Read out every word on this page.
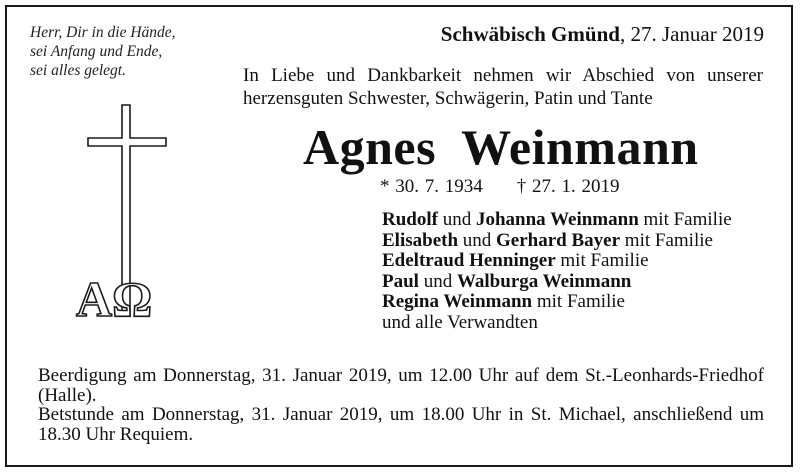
Herr, Dir in die Hände,
sei Anfang und Ende,
sei alles gelegt.
Schwäbisch Gmünd, 27. Januar 2019
In Liebe und Dankbarkeit nehmen wir Abschied von unserer herzensguten Schwester, Schwägerin, Patin und Tante
Agnes  Weinmann
* 30. 7. 1934 † 27. 1. 2019
Rudolf und Johanna Weinmann mit Familie
Elisabeth und Gerhard Bayer mit Familie
Edeltraud Henninger mit Familie
Paul und Walburga Weinmann
Regina Weinmann mit Familie
und alle Verwandten
AΩ

Beerdigung am Donnerstag, 31. Januar 2019, um 12.00 Uhr auf dem St.-Leonhards-Friedhof (Halle).

Betstunde am Donnerstag, 31. Januar 2019, um 18.00 Uhr in St. Michael, anschließend um 18.30 Uhr Requiem.
